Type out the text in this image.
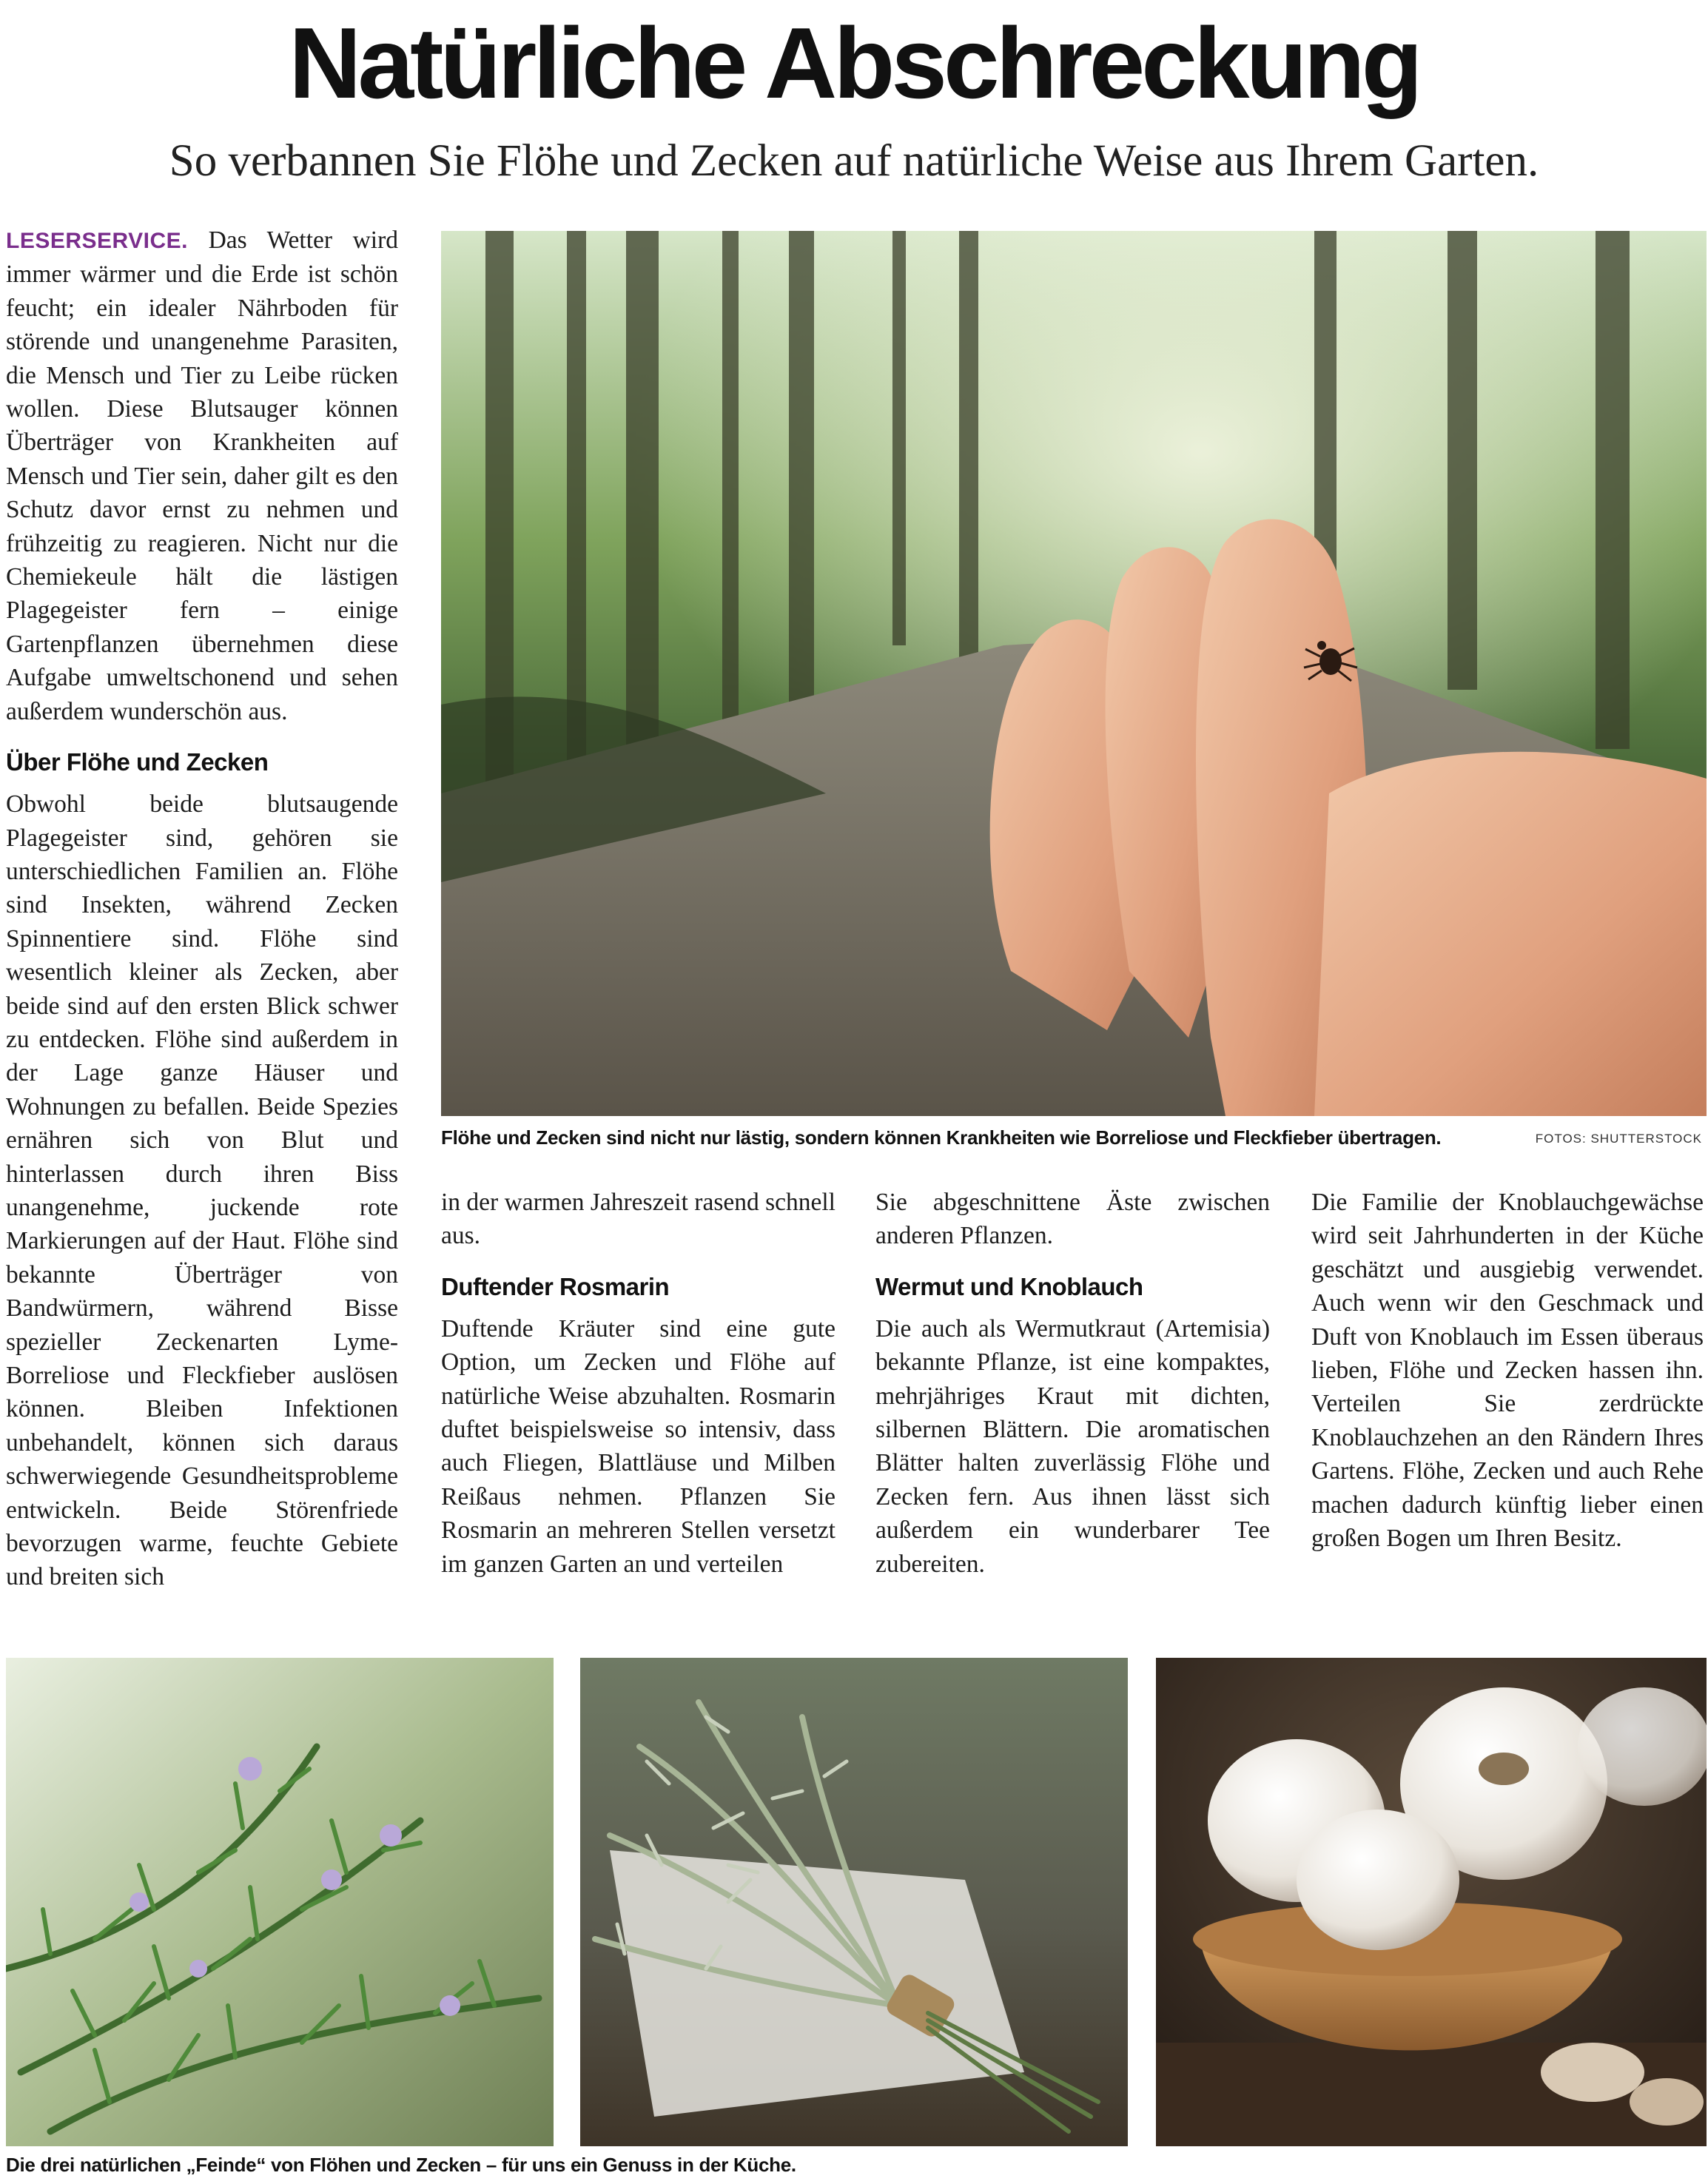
Natürliche Abschreckung
So verbannen Sie Flöhe und Zecken auf natürliche Weise aus Ihrem Garten.

LESERSERVICE. Das Wetter wird immer wärmer und die Erde ist schön feucht; ein idealer Nährboden für störende und unangenehme Parasiten, die Mensch und Tier zu Leibe rücken wollen. Diese Blutsauger können Überträger von Krankheiten auf Mensch und Tier sein, daher gilt es den Schutz davor ernst zu nehmen und frühzeitig zu reagieren. Nicht nur die Chemiekeule hält die lästigen Plagegeister fern – einige Gartenpflanzen übernehmen diese Aufgabe umweltschonend und sehen außerdem wunderschön aus.

Über Flöhe und Zecken

Obwohl beide blutsaugende Plagegeister sind, gehören sie unterschiedlichen Familien an. Flöhe sind Insekten, während Zecken Spinnentiere sind. Flöhe sind wesentlich kleiner als Zecken, aber beide sind auf den ersten Blick schwer zu entdecken. Flöhe sind außerdem in der Lage ganze Häuser und Wohnungen zu befallen. Beide Spezies ernähren sich von Blut und hinterlassen durch ihren Biss unangenehme, juckende rote Markierungen auf der Haut. Flöhe sind bekannte Überträger von Bandwürmern, während Bisse spezieller Zeckenarten Lyme-Borreliose und Fleckfieber auslösen können. Bleiben Infektionen unbehandelt, können sich daraus schwerwiegende Gesundheitsprobleme entwickeln. Beide Störenfriede bevorzugen warme, feuchte Gebiete und breiten sich

Flöhe und Zecken sind nicht nur lästig, sondern können Krankheiten wie Borreliose und Fleckfieber übertragen.	FOTOS: SHUTTERSTOCK

in der warmen Jahreszeit rasend schnell aus.

Duftender Rosmarin

Duftende Kräuter sind eine gute Option, um Zecken und Flöhe auf natürliche Weise abzuhalten. Rosmarin duftet beispielsweise so intensiv, dass auch Fliegen, Blattläuse und Milben Reißaus nehmen. Pflanzen Sie Rosmarin an mehreren Stellen versetzt im ganzen Garten an und verteilen

Sie abgeschnittene Äste zwischen anderen Pflanzen.

Wermut und Knoblauch

Die auch als Wermutkraut (Artemisia) bekannte Pflanze, ist eine kompaktes, mehrjähriges Kraut mit dichten, silbernen Blättern. Die aromatischen Blätter halten zuverlässig Flöhe und Zecken fern. Aus ihnen lässt sich außerdem ein wunderbarer Tee zubereiten.

Die Familie der Knoblauchgewächse wird seit Jahrhunderten in der Küche geschätzt und ausgiebig verwendet. Auch wenn wir den Geschmack und Duft von Knoblauch im Essen überaus lieben, Flöhe und Zecken hassen ihn. Verteilen Sie zerdrückte Knoblauchzehen an den Rändern Ihres Gartens. Flöhe, Zecken und auch Rehe machen dadurch künftig lieber einen großen Bogen um Ihren Besitz.

Die drei natürlichen „Feinde“ von Flöhen und Zecken – für uns ein Genuss in der Küche.
